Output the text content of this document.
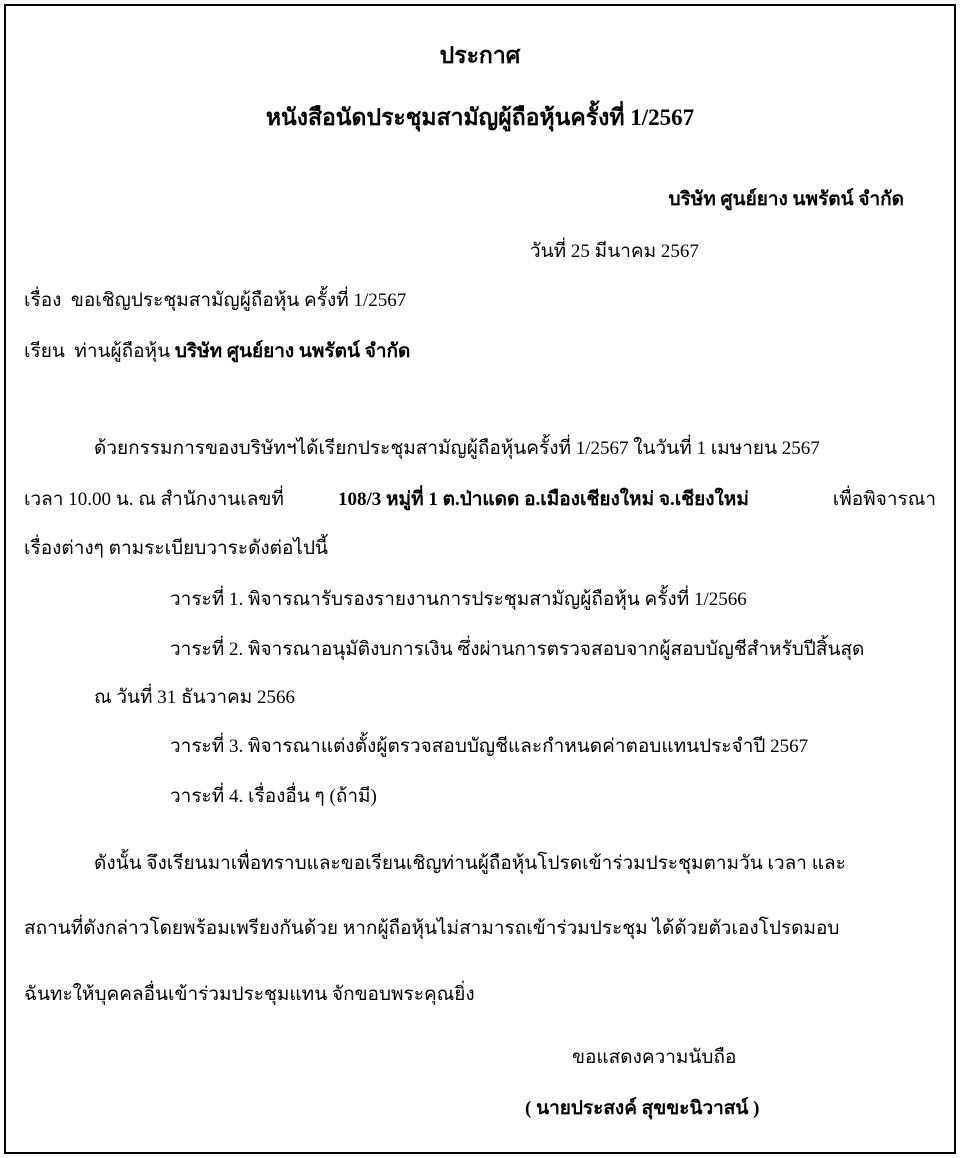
ประกาศ
หนังสือนัดประชุมสามัญผู้ถือหุ้นครั้งที่ 1/2567
บริษัท ศูนย์ยาง นพรัตน์ จำกัด
วันที่ 25 มีนาคม 2567
เรื่อง ขอเชิญประชุมสามัญผู้ถือหุ้น ครั้งที่ 1/2567
เรียน ท่านผู้ถือหุ้น บริษัท ศูนย์ยาง นพรัตน์ จำกัด
ด้วยกรรมการของบริษัทฯได้เรียกประชุมสามัญผู้ถือหุ้นครั้งที่ 1/2567 ในวันที่ 1 เมษายน 2567
เวลา 10.00 น. ณ สำนักงานเลขที่	108/3 หมู่ที่ 1 ต.ป่าแดด อ.เมืองเชียงใหม่ จ.เชียงใหม่	เพื่อพิจารณา
เรื่องต่างๆ ตามระเบียบวาระดังต่อไปนี้
วาระที่ 1. พิจารณารับรองรายงานการประชุมสามัญผู้ถือหุ้น ครั้งที่ 1/2566
วาระที่ 2. พิจารณาอนุมัติงบการเงิน ซึ่งผ่านการตรวจสอบจากผู้สอบบัญชีสำหรับปีสิ้นสุด
ณ วันที่ 31 ธันวาคม 2566
วาระที่ 3. พิจารณาแต่งตั้งผู้ตรวจสอบบัญชีและกำหนดค่าตอบแทนประจำปี 2567
วาระที่ 4. เรื่องอื่น ๆ (ถ้ามี)
ดังนั้น จึงเรียนมาเพื่อทราบและขอเรียนเชิญท่านผู้ถือหุ้นโปรดเข้าร่วมประชุมตามวัน เวลา และ
สถานที่ดังกล่าวโดยพร้อมเพรียงกันด้วย หากผู้ถือหุ้นไม่สามารถเข้าร่วมประชุม ได้ด้วยตัวเองโปรดมอบ
ฉันทะให้บุคคลอื่นเข้าร่วมประชุมแทน จักขอบพระคุณยิ่ง
ขอแสดงความนับถือ
( นายประสงค์ สุขขะนิวาสน์ )
